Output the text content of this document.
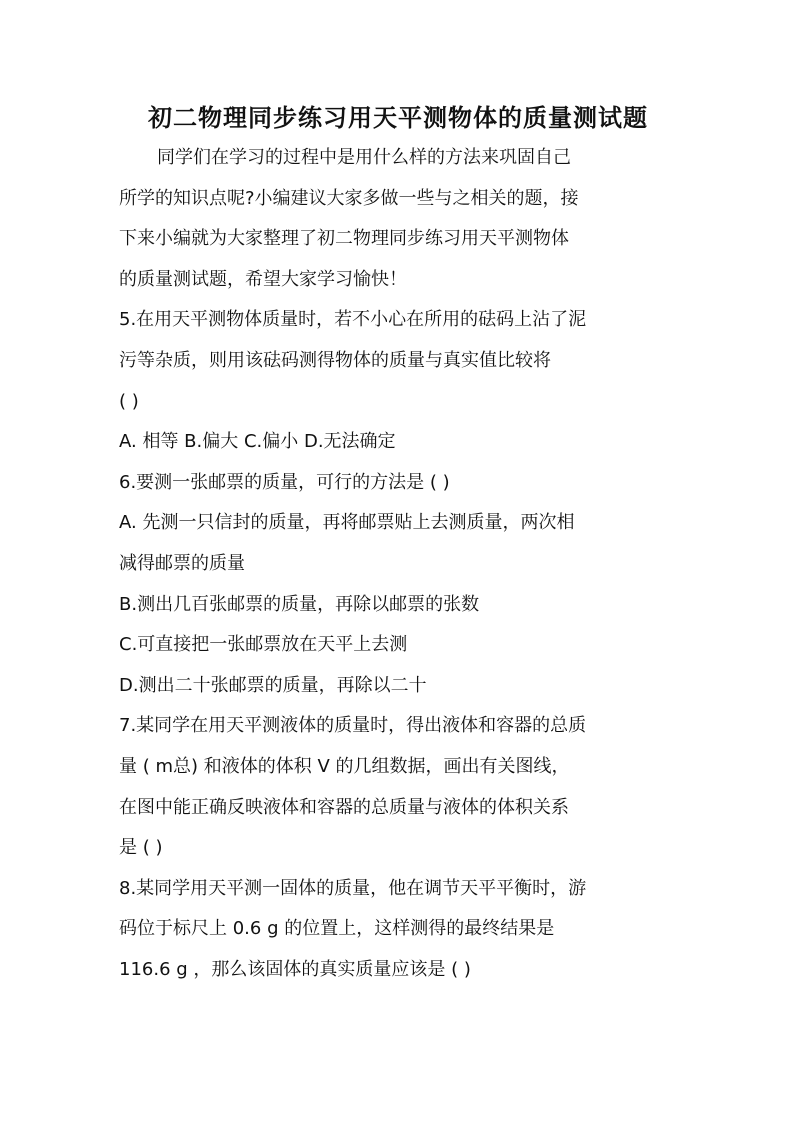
初二物理同步练习用天平测物体的质量测试题
同学们在学习的过程中是用什么样的方法来巩固自己
所学的知识点呢?小编建议大家多做一些与之相关的题，接
下来小编就为大家整理了初二物理同步练习用天平测物体
的质量测试题，希望大家学习愉快！
5.在用天平测物体质量时，若不小心在所用的砝码上沾了泥
污等杂质，则用该砝码测得物体的质量与真实值比较将
( )
A. 相等 B.偏大 C.偏小 D.无法确定
6.要测一张邮票的质量，可行的方法是 ( )
A. 先测一只信封的质量，再将邮票贴上去测质量，两次相
减得邮票的质量
B.测出几百张邮票的质量，再除以邮票的张数
C.可直接把一张邮票放在天平上去测
D.测出二十张邮票的质量，再除以二十
7.某同学在用天平测液体的质量时，得出液体和容器的总质
量 ( m总) 和液体的体积 V 的几组数据，画出有关图线，
在图中能正确反映液体和容器的总质量与液体的体积关系
是 ( )
8.某同学用天平测一固体的质量，他在调节天平平衡时，游
码位于标尺上 0.6 g 的位置上，这样测得的最终结果是
116.6 g ，那么该固体的真实质量应该是 ( )
